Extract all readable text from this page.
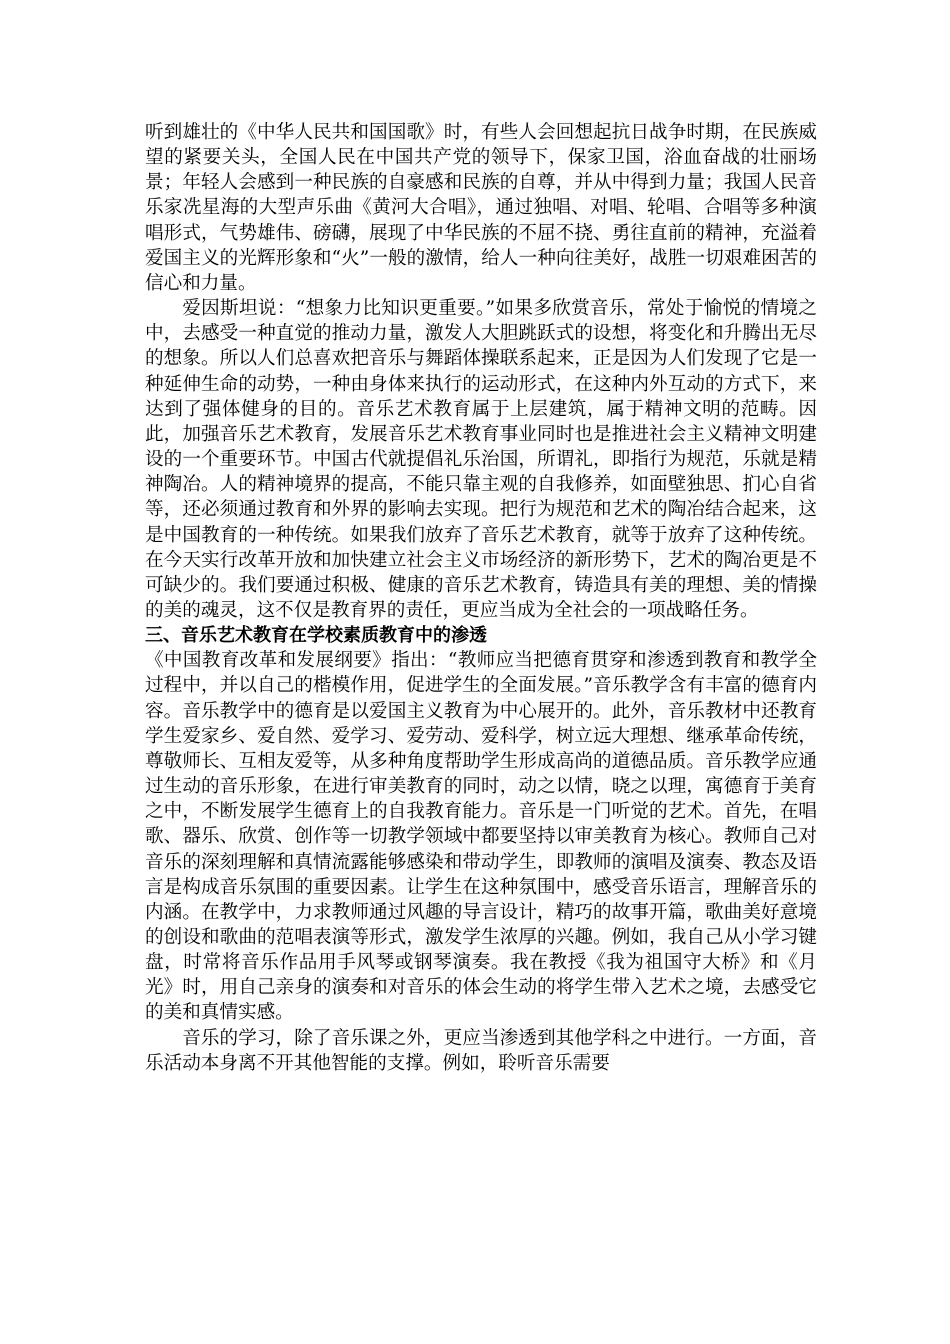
听到雄壮的《中华人民共和国国歌》时，有些人会回想起抗日战争时期，在民族威望的紧要关头，全国人民在中国共产党的领导下，保家卫国，浴血奋战的壮丽场景；年轻人会感到一种民族的自豪感和民族的自尊，并从中得到力量；我国人民音乐家冼星海的大型声乐曲《黄河大合唱》，通过独唱、对唱、轮唱、合唱等多种演唱形式，气势雄伟、磅礴，展现了中华民族的不屈不挠、勇往直前的精神，充溢着爱国主义的光辉形象和“火”一般的激情，给人一种向往美好，战胜一切艰难困苦的信心和力量。

爱因斯坦说：“想象力比知识更重要。”如果多欣赏音乐，常处于愉悦的情境之中，去感受一种直觉的推动力量，激发人大胆跳跃式的设想，将变化和升腾出无尽的想象。所以人们总喜欢把音乐与舞蹈体操联系起来，正是因为人们发现了它是一种延伸生命的动势，一种由身体来执行的运动形式，在这种内外互动的方式下，来达到了强体健身的目的。音乐艺术教育属于上层建筑，属于精神文明的范畴。因此，加强音乐艺术教育，发展音乐艺术教育事业同时也是推进社会主义精神文明建设的一个重要环节。中国古代就提倡礼乐治国，所谓礼，即指行为规范，乐就是精神陶冶。人的精神境界的提高，不能只靠主观的自我修养，如面壁独思、扪心自省等，还必须通过教育和外界的影响去实现。把行为规范和艺术的陶冶结合起来，这是中国教育的一种传统。如果我们放弃了音乐艺术教育，就等于放弃了这种传统。在今天实行改革开放和加快建立社会主义市场经济的新形势下，艺术的陶冶更是不可缺少的。我们要通过积极、健康的音乐艺术教育，铸造具有美的理想、美的情操的美的魂灵，这不仅是教育界的责任，更应当成为全社会的一项战略任务。

三、音乐艺术教育在学校素质教育中的渗透

《中国教育改革和发展纲要》指出：“教师应当把德育贯穿和渗透到教育和教学全过程中，并以自己的楷模作用，促进学生的全面发展。”音乐教学含有丰富的德育内容。音乐教学中的德育是以爱国主义教育为中心展开的。此外，音乐教材中还教育学生爱家乡、爱自然、爱学习、爱劳动、爱科学，树立远大理想、继承革命传统，尊敬师长、互相友爱等，从多种角度帮助学生形成高尚的道德品质。音乐教学应通过生动的音乐形象，在进行审美教育的同时，动之以情，晓之以理，寓德育于美育之中，不断发展学生德育上的自我教育能力。音乐是一门听觉的艺术。首先，在唱歌、器乐、欣赏、创作等一切教学领域中都要坚持以审美教育为核心。教师自己对音乐的深刻理解和真情流露能够感染和带动学生，即教师的演唱及演奏、教态及语言是构成音乐氛围的重要因素。让学生在这种氛围中，感受音乐语言，理解音乐的内涵。在教学中，力求教师通过风趣的导言设计，精巧的故事开篇，歌曲美好意境的创设和歌曲的范唱表演等形式，激发学生浓厚的兴趣。例如，我自己从小学习键盘，时常将音乐作品用手风琴或钢琴演奏。我在教授《我为祖国守大桥》和《月光》时，用自己亲身的演奏和对音乐的体会生动的将学生带入艺术之境，去感受它的美和真情实感。

音乐的学习，除了音乐课之外，更应当渗透到其他学科之中进行。一方面，音乐活动本身离不开其他智能的支撑。例如，聆听音乐需要
